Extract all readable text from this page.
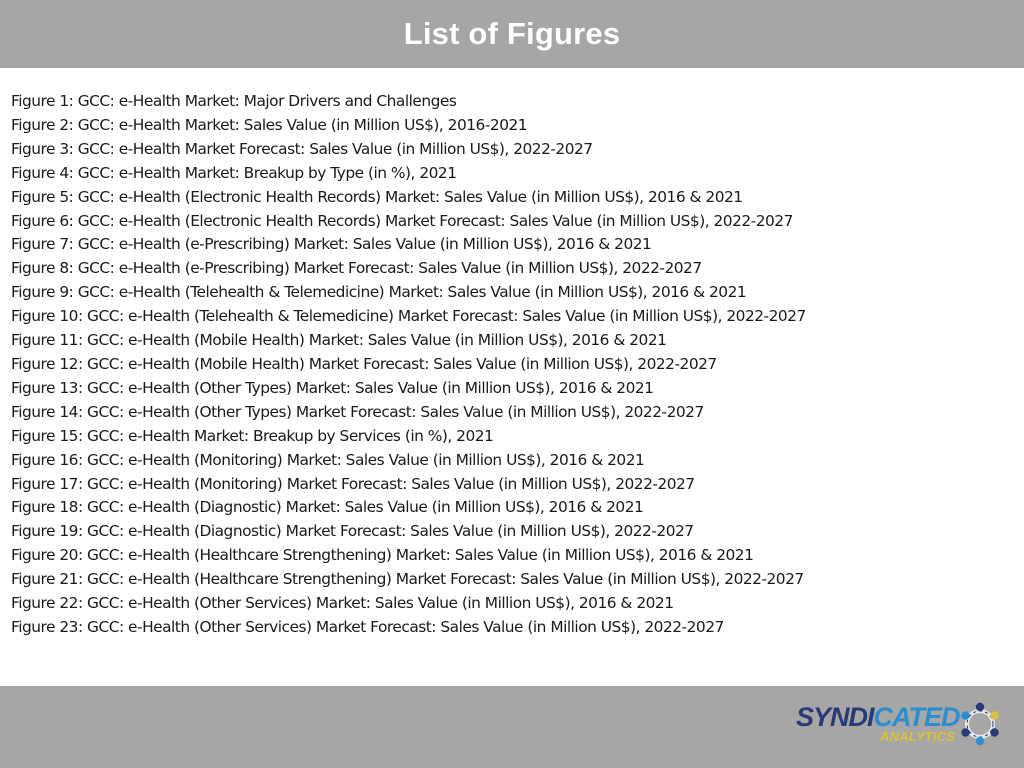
List of Figures
Figure 1: GCC: e-Health Market: Major Drivers and Challenges
Figure 2: GCC: e-Health Market: Sales Value (in Million US$), 2016-2021
Figure 3: GCC: e-Health Market Forecast: Sales Value (in Million US$), 2022-2027
Figure 4: GCC: e-Health Market: Breakup by Type (in %), 2021
Figure 5: GCC: e-Health (Electronic Health Records) Market: Sales Value (in Million US$), 2016 & 2021
Figure 6: GCC: e-Health (Electronic Health Records) Market Forecast: Sales Value (in Million US$), 2022-2027
Figure 7: GCC: e-Health (e-Prescribing) Market: Sales Value (in Million US$), 2016 & 2021
Figure 8: GCC: e-Health (e-Prescribing) Market Forecast: Sales Value (in Million US$), 2022-2027
Figure 9: GCC: e-Health (Telehealth & Telemedicine) Market: Sales Value (in Million US$), 2016 & 2021
Figure 10: GCC: e-Health (Telehealth & Telemedicine) Market Forecast: Sales Value (in Million US$), 2022-2027
Figure 11: GCC: e-Health (Mobile Health) Market: Sales Value (in Million US$), 2016 & 2021
Figure 12: GCC: e-Health (Mobile Health) Market Forecast: Sales Value (in Million US$), 2022-2027
Figure 13: GCC: e-Health (Other Types) Market: Sales Value (in Million US$), 2016 & 2021
Figure 14: GCC: e-Health (Other Types) Market Forecast: Sales Value (in Million US$), 2022-2027
Figure 15: GCC: e-Health Market: Breakup by Services (in %), 2021
Figure 16: GCC: e-Health (Monitoring) Market: Sales Value (in Million US$), 2016 & 2021
Figure 17: GCC: e-Health (Monitoring) Market Forecast: Sales Value (in Million US$), 2022-2027
Figure 18: GCC: e-Health (Diagnostic) Market: Sales Value (in Million US$), 2016 & 2021
Figure 19: GCC: e-Health (Diagnostic) Market Forecast: Sales Value (in Million US$), 2022-2027
Figure 20: GCC: e-Health (Healthcare Strengthening) Market: Sales Value (in Million US$), 2016 & 2021
Figure 21: GCC: e-Health (Healthcare Strengthening) Market Forecast: Sales Value (in Million US$), 2022-2027
Figure 22: GCC: e-Health (Other Services) Market: Sales Value (in Million US$), 2016 & 2021
Figure 23: GCC: e-Health (Other Services) Market Forecast: Sales Value (in Million US$), 2022-2027
SYNDICATED
ANALYTICS
